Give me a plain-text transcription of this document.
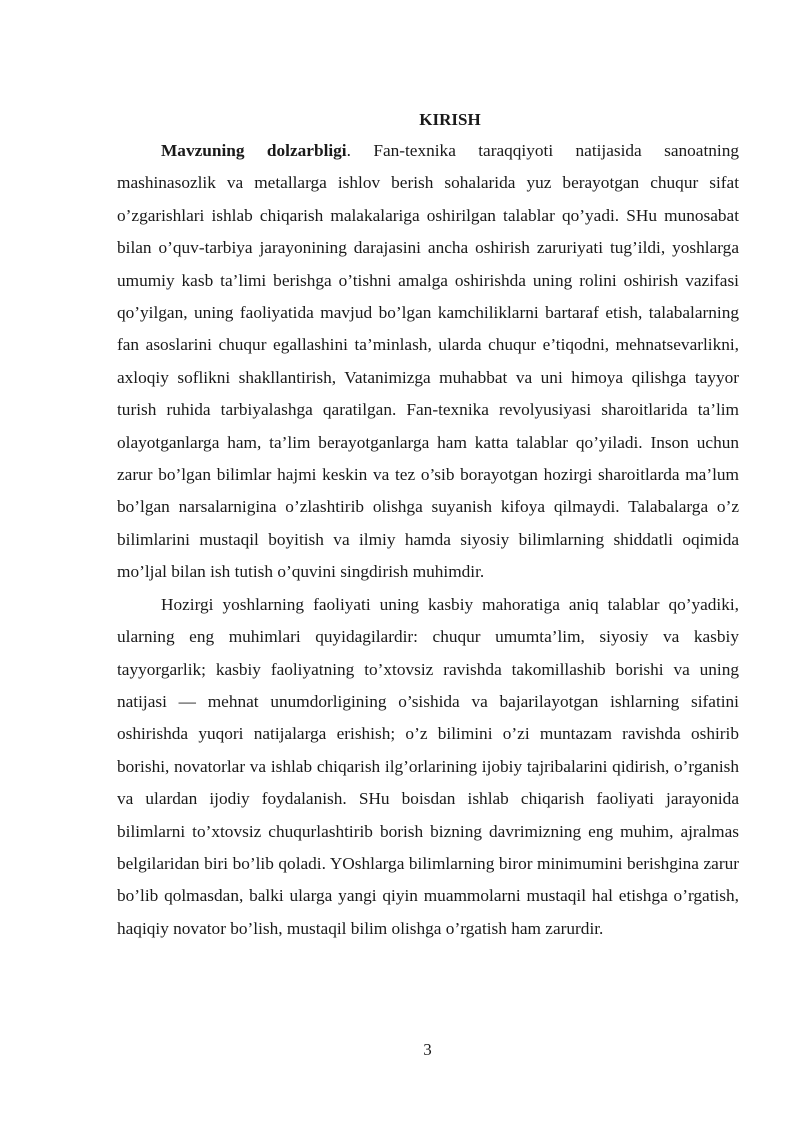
KIRISH

Mavzuning dolzarbligi. Fan-texnika taraqqiyoti natijasida sanoatning mashinasozlik va metallarga ishlov berish sohalarida yuz berayotgan chuqur sifat o’zgarishlari ishlab chiqarish malakalariga oshirilgan talablar qo’yadi. SHu munosabat bilan o’quv-tarbiya jarayonining darajasini ancha oshirish zaruriyati tug’ildi, yoshlarga umumiy kasb ta’limi berishga o’tishni amalga oshirishda uning rolini oshirish vazifasi qo’yilgan, uning faoliyatida mavjud bo’lgan kamchiliklarni bartaraf etish, talabalarning fan asoslarini chuqur egallashini ta’minlash, ularda chuqur e’tiqodni, mehnatsevarlikni, axloqiy soflikni shakllantirish, Vatanimizga muhabbat va uni himoya qilishga tayyor turish ruhida tarbiyalashga qaratilgan. Fan-texnika revolyusiyasi sharoitlarida ta’lim olayotganlarga ham, ta’lim berayotganlarga ham katta talablar qo’yiladi. Inson uchun zarur bo’lgan bilimlar hajmi keskin va tez o’sib borayotgan hozirgi sharoitlarda ma’lum bo’lgan narsalarnigina o’zlashtirib olishga suyanish kifoya qilmaydi. Talabalarga o’z bilimlarini mustaqil boyitish va ilmiy hamda siyosiy bilimlarning shiddatli oqimida mo’ljal bilan ish tutish o’quvini singdirish muhimdir.

Hozirgi yoshlarning faoliyati uning kasbiy mahoratiga aniq talablar qo’yadiki, ularning eng muhimlari quyidagilardir: chuqur umumta’lim, siyosiy va kasbiy tayyorgarlik; kasbiy faoliyatning to’xtovsiz ravishda takomillashib borishi va uning natijasi — mehnat unumdorligining o’sishida va bajarilayotgan ishlarning sifatini oshirishda yuqori natijalarga erishish; o’z bilimini o’zi muntazam ravishda oshirib borishi, novatorlar va ishlab chiqarish ilg’orlarining ijobiy tajribalarini qidirish, o’rganish va ulardan ijodiy foydalanish. SHu boisdan ishlab chiqarish faoliyati jarayonida bilimlarni to’xtovsiz chuqurlashtirib borish bizning davrimizning eng muhim, ajralmas belgilaridan biri bo’lib qoladi. YOshlarga bilimlarning biror minimumini berishgina zarur bo’lib qolmasdan, balki ularga yangi qiyin muammolarni mustaqil hal etishga o’rgatish, haqiqiy novator bo’lish, mustaqil bilim olishga o’rgatish ham zarurdir.

3
